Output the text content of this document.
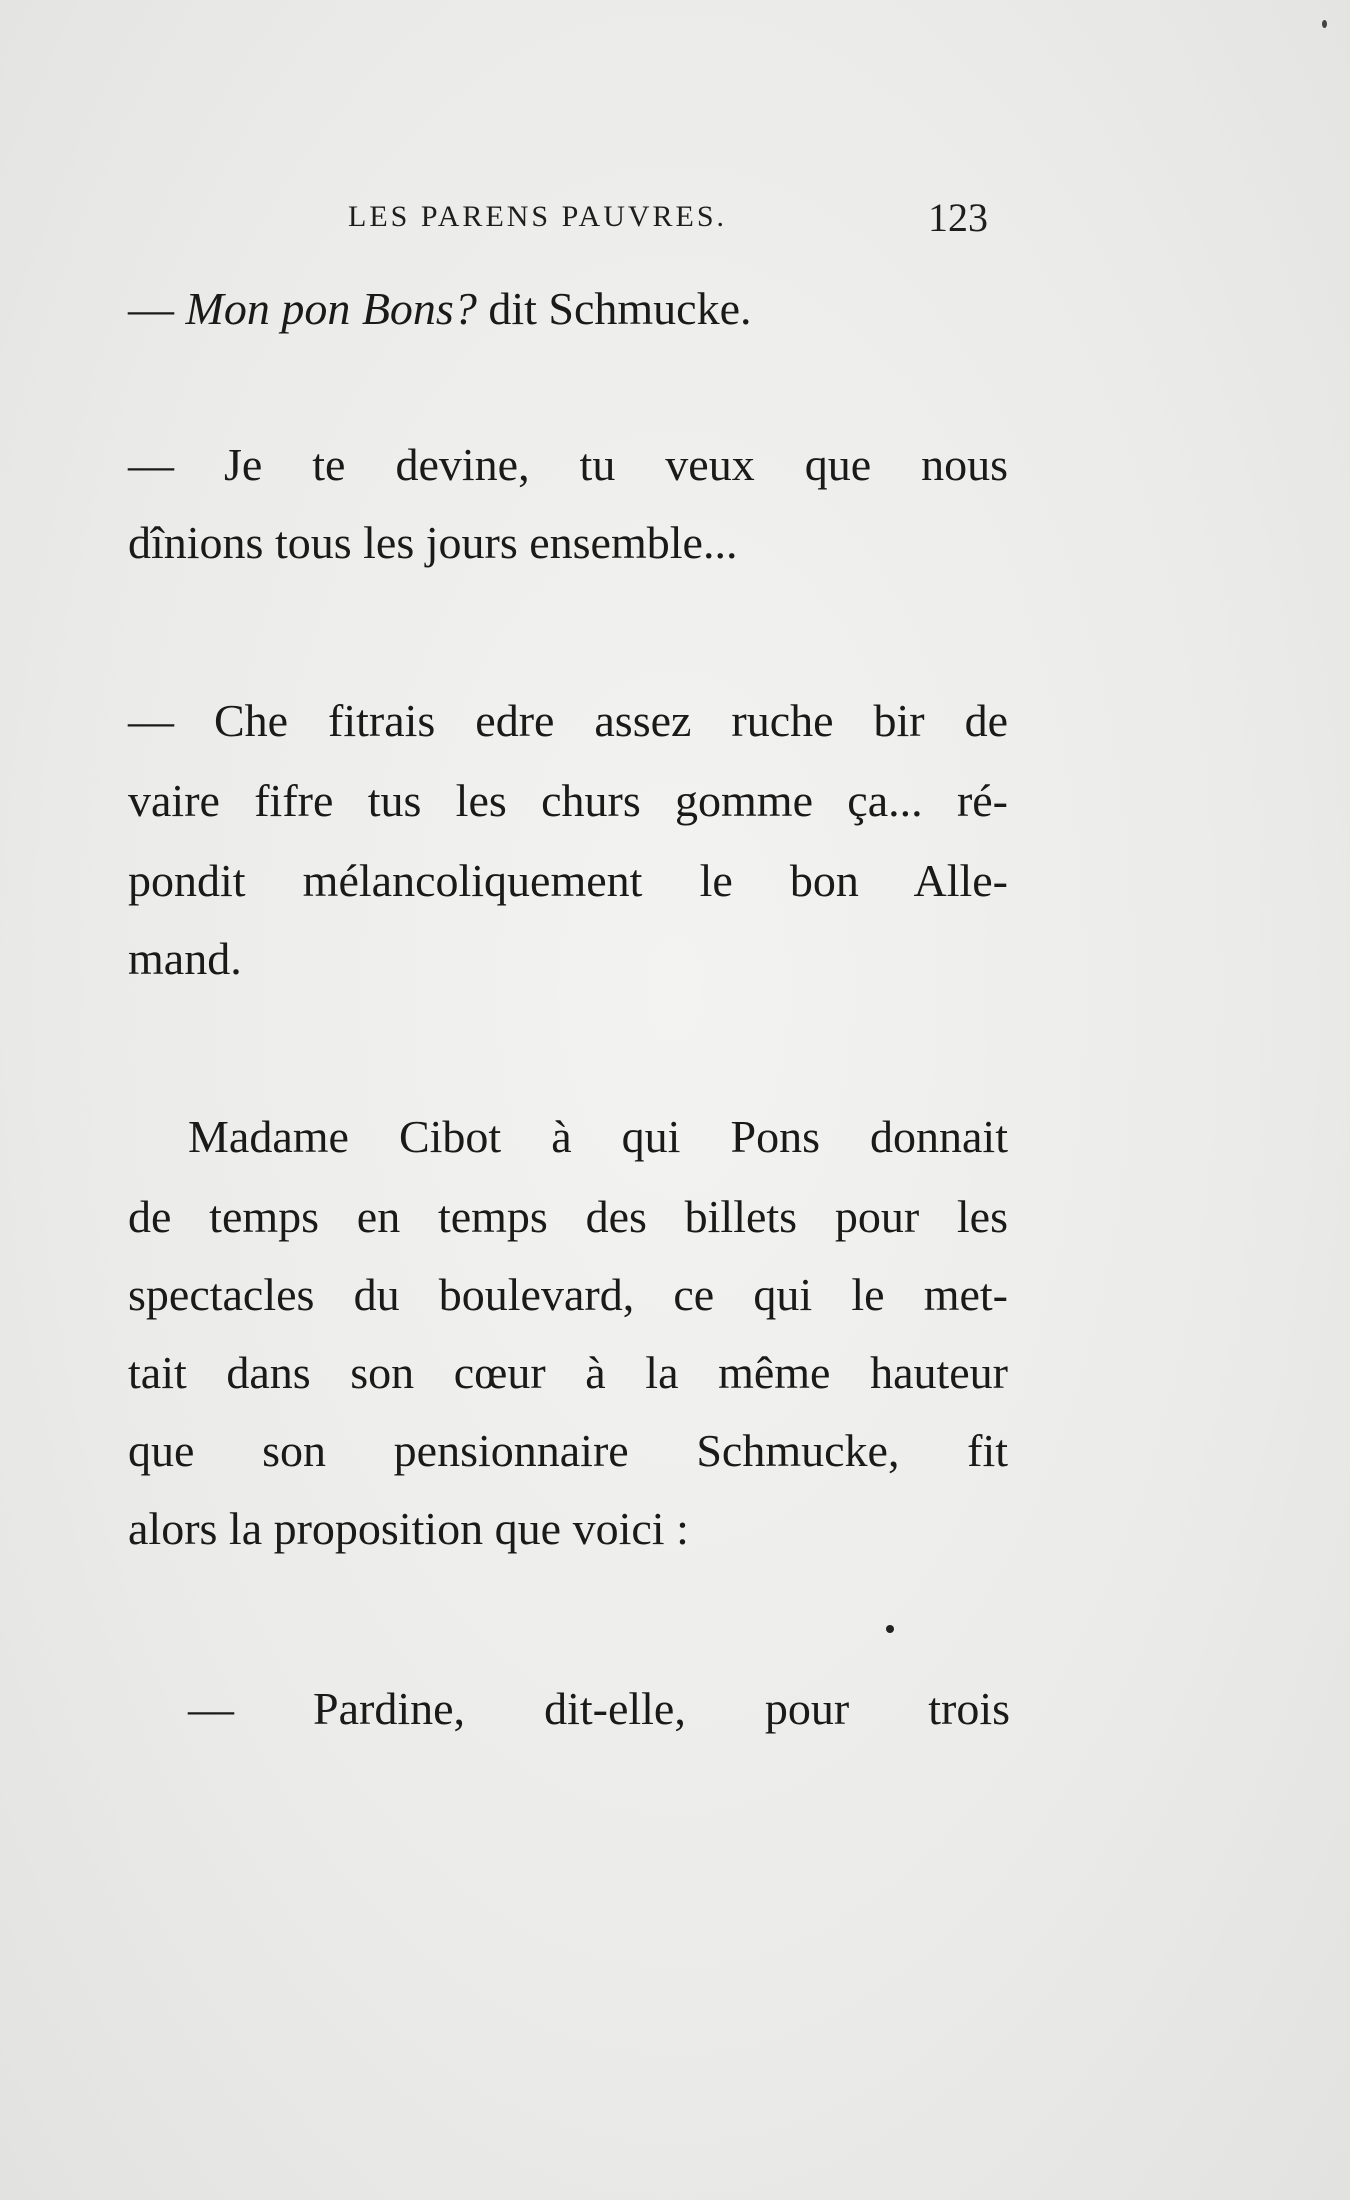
LES PARENS PAUVRES.	123
— Mon pon Bons? dit Schmucke.
— Je te devine, tu veux que nous
dînions tous les jours ensemble...
— Che fitrais edre assez ruche bir de
vaire fifre tus les churs gomme ça... ré-
pondit mélancoliquement le bon Alle-
mand.
Madame Cibot à qui Pons donnait
de temps en temps des billets pour les
spectacles du boulevard, ce qui le met-
tait dans son cœur à la même hauteur
que son pensionnaire Schmucke, fit
alors la proposition que voici :
— Pardine, dit-elle, pour trois
